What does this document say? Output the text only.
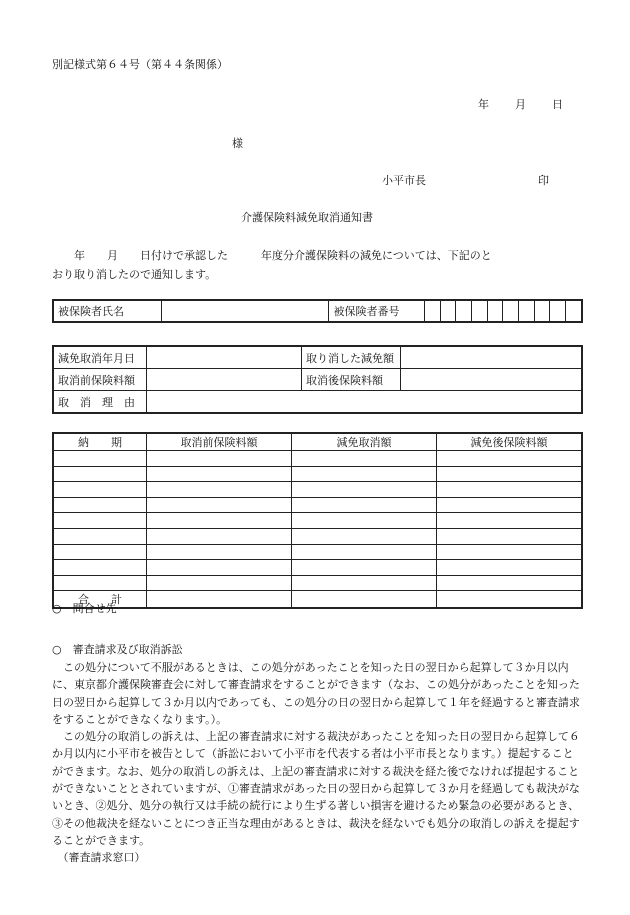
別記様式第６４号（第４４条関係）
年 月 日
様
小平市長	印
介護保険料減免取消通知書
　　年　　月　　日付けで承認した　　　年度分介護保険料の減免については、下記のと
おり取り消したので通知します。
被保険者氏名		被保険者番号										
減免取消年月日		取り消した減免額	
取消前保険料額		取消後保険料額	
取　消　理　由			
納　　期	取消前保険料額	減免取消額	減免後保険料額

合　　計			
○　問合せ先
○　審査請求及び取消訴訟

この処分について不服があるときは、この処分があったことを知った日の翌日から起算して３か月以内に、東京都介護保険審査会に対して審査請求をすることができます（なお、この処分があったことを知った日の翌日から起算して３か月以内であっても、この処分の日の翌日から起算して１年を経過すると審査請求をすることができなくなります。）。

この処分の取消しの訴えは、上記の審査請求に対する裁決があったことを知った日の翌日から起算して６か月以内に小平市を被告として（訴訟において小平市を代表する者は小平市長となります。）提起することができます。なお、処分の取消しの訴えは、上記の審査請求に対する裁決を経た後でなければ提起することができないこととされていますが、①審査請求があった日の翌日から起算して３か月を経過しても裁決がないとき、②処分、処分の執行又は手続の続行により生ずる著しい損害を避けるため緊急の必要があるとき、③その他裁決を経ないことにつき正当な理由があるときは、裁決を経ないでも処分の取消しの訴えを提起することができます。

（審査請求窓口）
